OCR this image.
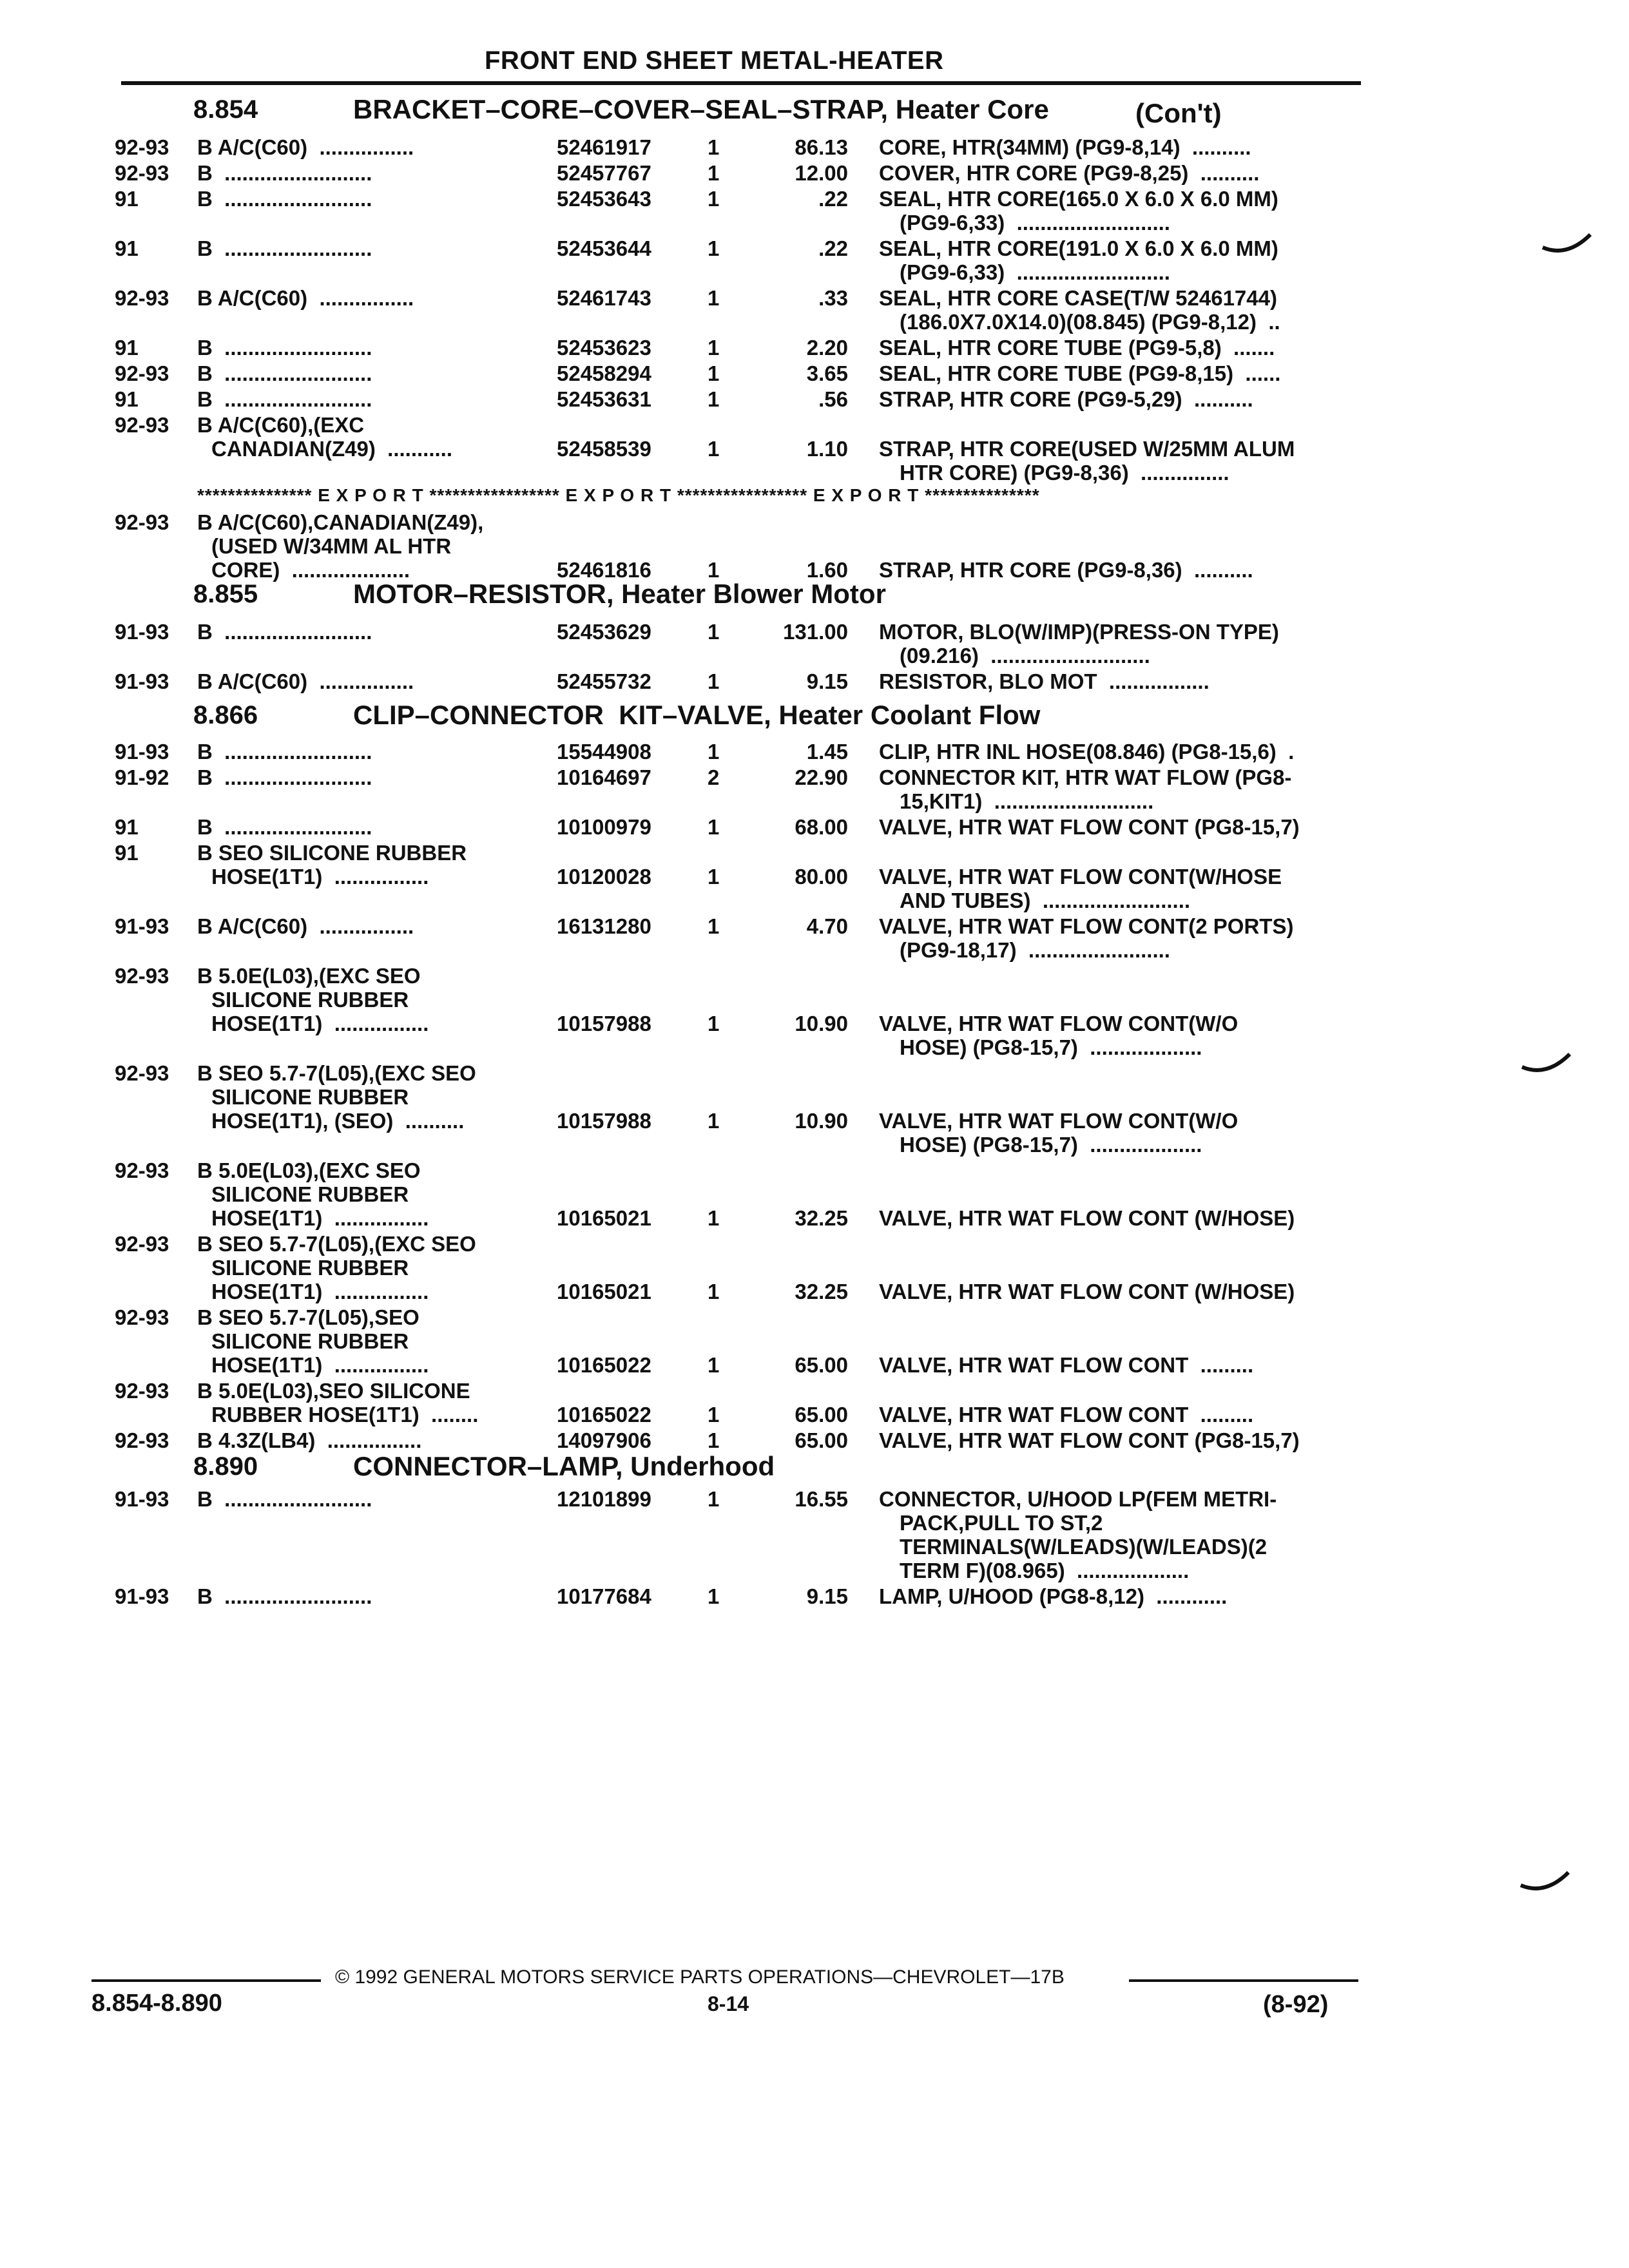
FRONT END SHEET METAL-HEATER
8.854	BRACKET–CORE–COVER–SEAL–STRAP, Heater Core	(Con't)
92-93 B A/C(C60)  ................	52461917	1	86.13 CORE, HTR(34MM) (PG9-8,14)  ..........
92-93 B  .........................	52457767	1	12.00 COVER, HTR CORE (PG9-8,25)  ..........
91	B  .........................	52453643	1	.22 SEAL, HTR CORE(165.0 X 6.0 X 6.0 MM)
(PG9-6,33)  ..........................
91	B  .........................	52453644	1	.22 SEAL, HTR CORE(191.0 X 6.0 X 6.0 MM)
(PG9-6,33)  ..........................
92-93 B A/C(C60)  ................	52461743	1	.33 SEAL, HTR CORE CASE(T/W 52461744)
(186.0X7.0X14.0)(08.845) (PG9-8,12)  ..
91	B  .........................	52453623	1	2.20 SEAL, HTR CORE TUBE (PG9-5,8)  .......
92-93 B  .........................	52458294	1	3.65 SEAL, HTR CORE TUBE (PG9-8,15)  ......
91	B  .........................	52453631	1	.56 STRAP, HTR CORE (PG9-5,29)  ..........
92-93 B A/C(C60),(EXC
CANADIAN(Z49)  ...........	52458539	1	1.10 STRAP, HTR CORE(USED W/25MM ALUM
HTR CORE) (PG9-8,36)  ...............
*************** E X P O R T ***************** E X P O R T ***************** E X P O R T ***************
92-93 B A/C(C60),CANADIAN(Z49),
(USED W/34MM AL HTR
CORE)  ....................	52461816	1	1.60 STRAP, HTR CORE (PG9-8,36)  ..........
8.855	MOTOR–RESISTOR, Heater Blower Motor
91-93 B  .........................	52453629	1	131.00 MOTOR, BLO(W/IMP)(PRESS-ON TYPE)
(09.216)  ...........................
91-93 B A/C(C60)  ................	52455732	1	9.15 RESISTOR, BLO MOT  .................
8.866	CLIP–CONNECTOR  KIT–VALVE, Heater Coolant Flow
91-93 B  .........................	15544908	1	1.45 CLIP, HTR INL HOSE(08.846) (PG8-15,6)  .
91-92 B  .........................	10164697	2	22.90 CONNECTOR KIT, HTR WAT FLOW (PG8-
15,KIT1)  ...........................
91	B  .........................	10100979	1	68.00 VALVE, HTR WAT FLOW CONT (PG8-15,7)
91	B SEO SILICONE RUBBER
HOSE(1T1)  ................	10120028	1	80.00 VALVE, HTR WAT FLOW CONT(W/HOSE
AND TUBES)  .........................
91-93 B A/C(C60)  ................	16131280	1	4.70 VALVE, HTR WAT FLOW CONT(2 PORTS)
(PG9-18,17)  ........................
92-93 B 5.0E(L03),(EXC SEO
SILICONE RUBBER
HOSE(1T1)  ................	10157988	1	10.90 VALVE, HTR WAT FLOW CONT(W/O
HOSE) (PG8-15,7)  ...................
92-93 B SEO 5.7-7(L05),(EXC SEO
SILICONE RUBBER
HOSE(1T1), (SEO)  ..........	10157988	1	10.90 VALVE, HTR WAT FLOW CONT(W/O
HOSE) (PG8-15,7)  ...................
92-93 B 5.0E(L03),(EXC SEO
SILICONE RUBBER
HOSE(1T1)  ................	10165021	1	32.25 VALVE, HTR WAT FLOW CONT (W/HOSE)
92-93 B SEO 5.7-7(L05),(EXC SEO
SILICONE RUBBER
HOSE(1T1)  ................	10165021	1	32.25 VALVE, HTR WAT FLOW CONT (W/HOSE)
92-93 B SEO 5.7-7(L05),SEO
SILICONE RUBBER
HOSE(1T1)  ................	10165022	1	65.00 VALVE, HTR WAT FLOW CONT  .........
92-93 B 5.0E(L03),SEO SILICONE
RUBBER HOSE(1T1)  ........	10165022	1	65.00 VALVE, HTR WAT FLOW CONT  .........
92-93 B 4.3Z(LB4)  ................	14097906	1	65.00 VALVE, HTR WAT FLOW CONT (PG8-15,7)
8.890	CONNECTOR–LAMP, Underhood
91-93 B  .........................	12101899	1	16.55 CONNECTOR, U/HOOD LP(FEM METRI-
PACK,PULL TO ST,2
TERMINALS(W/LEADS)(W/LEADS)(2
TERM F)(08.965)  ...................
91-93 B  .........................	10177684	1	9.15 LAMP, U/HOOD (PG8-8,12)  ............
© 1992 GENERAL MOTORS SERVICE PARTS OPERATIONS—CHEVROLET—17B
8.854-8.890	8-14	(8-92)
